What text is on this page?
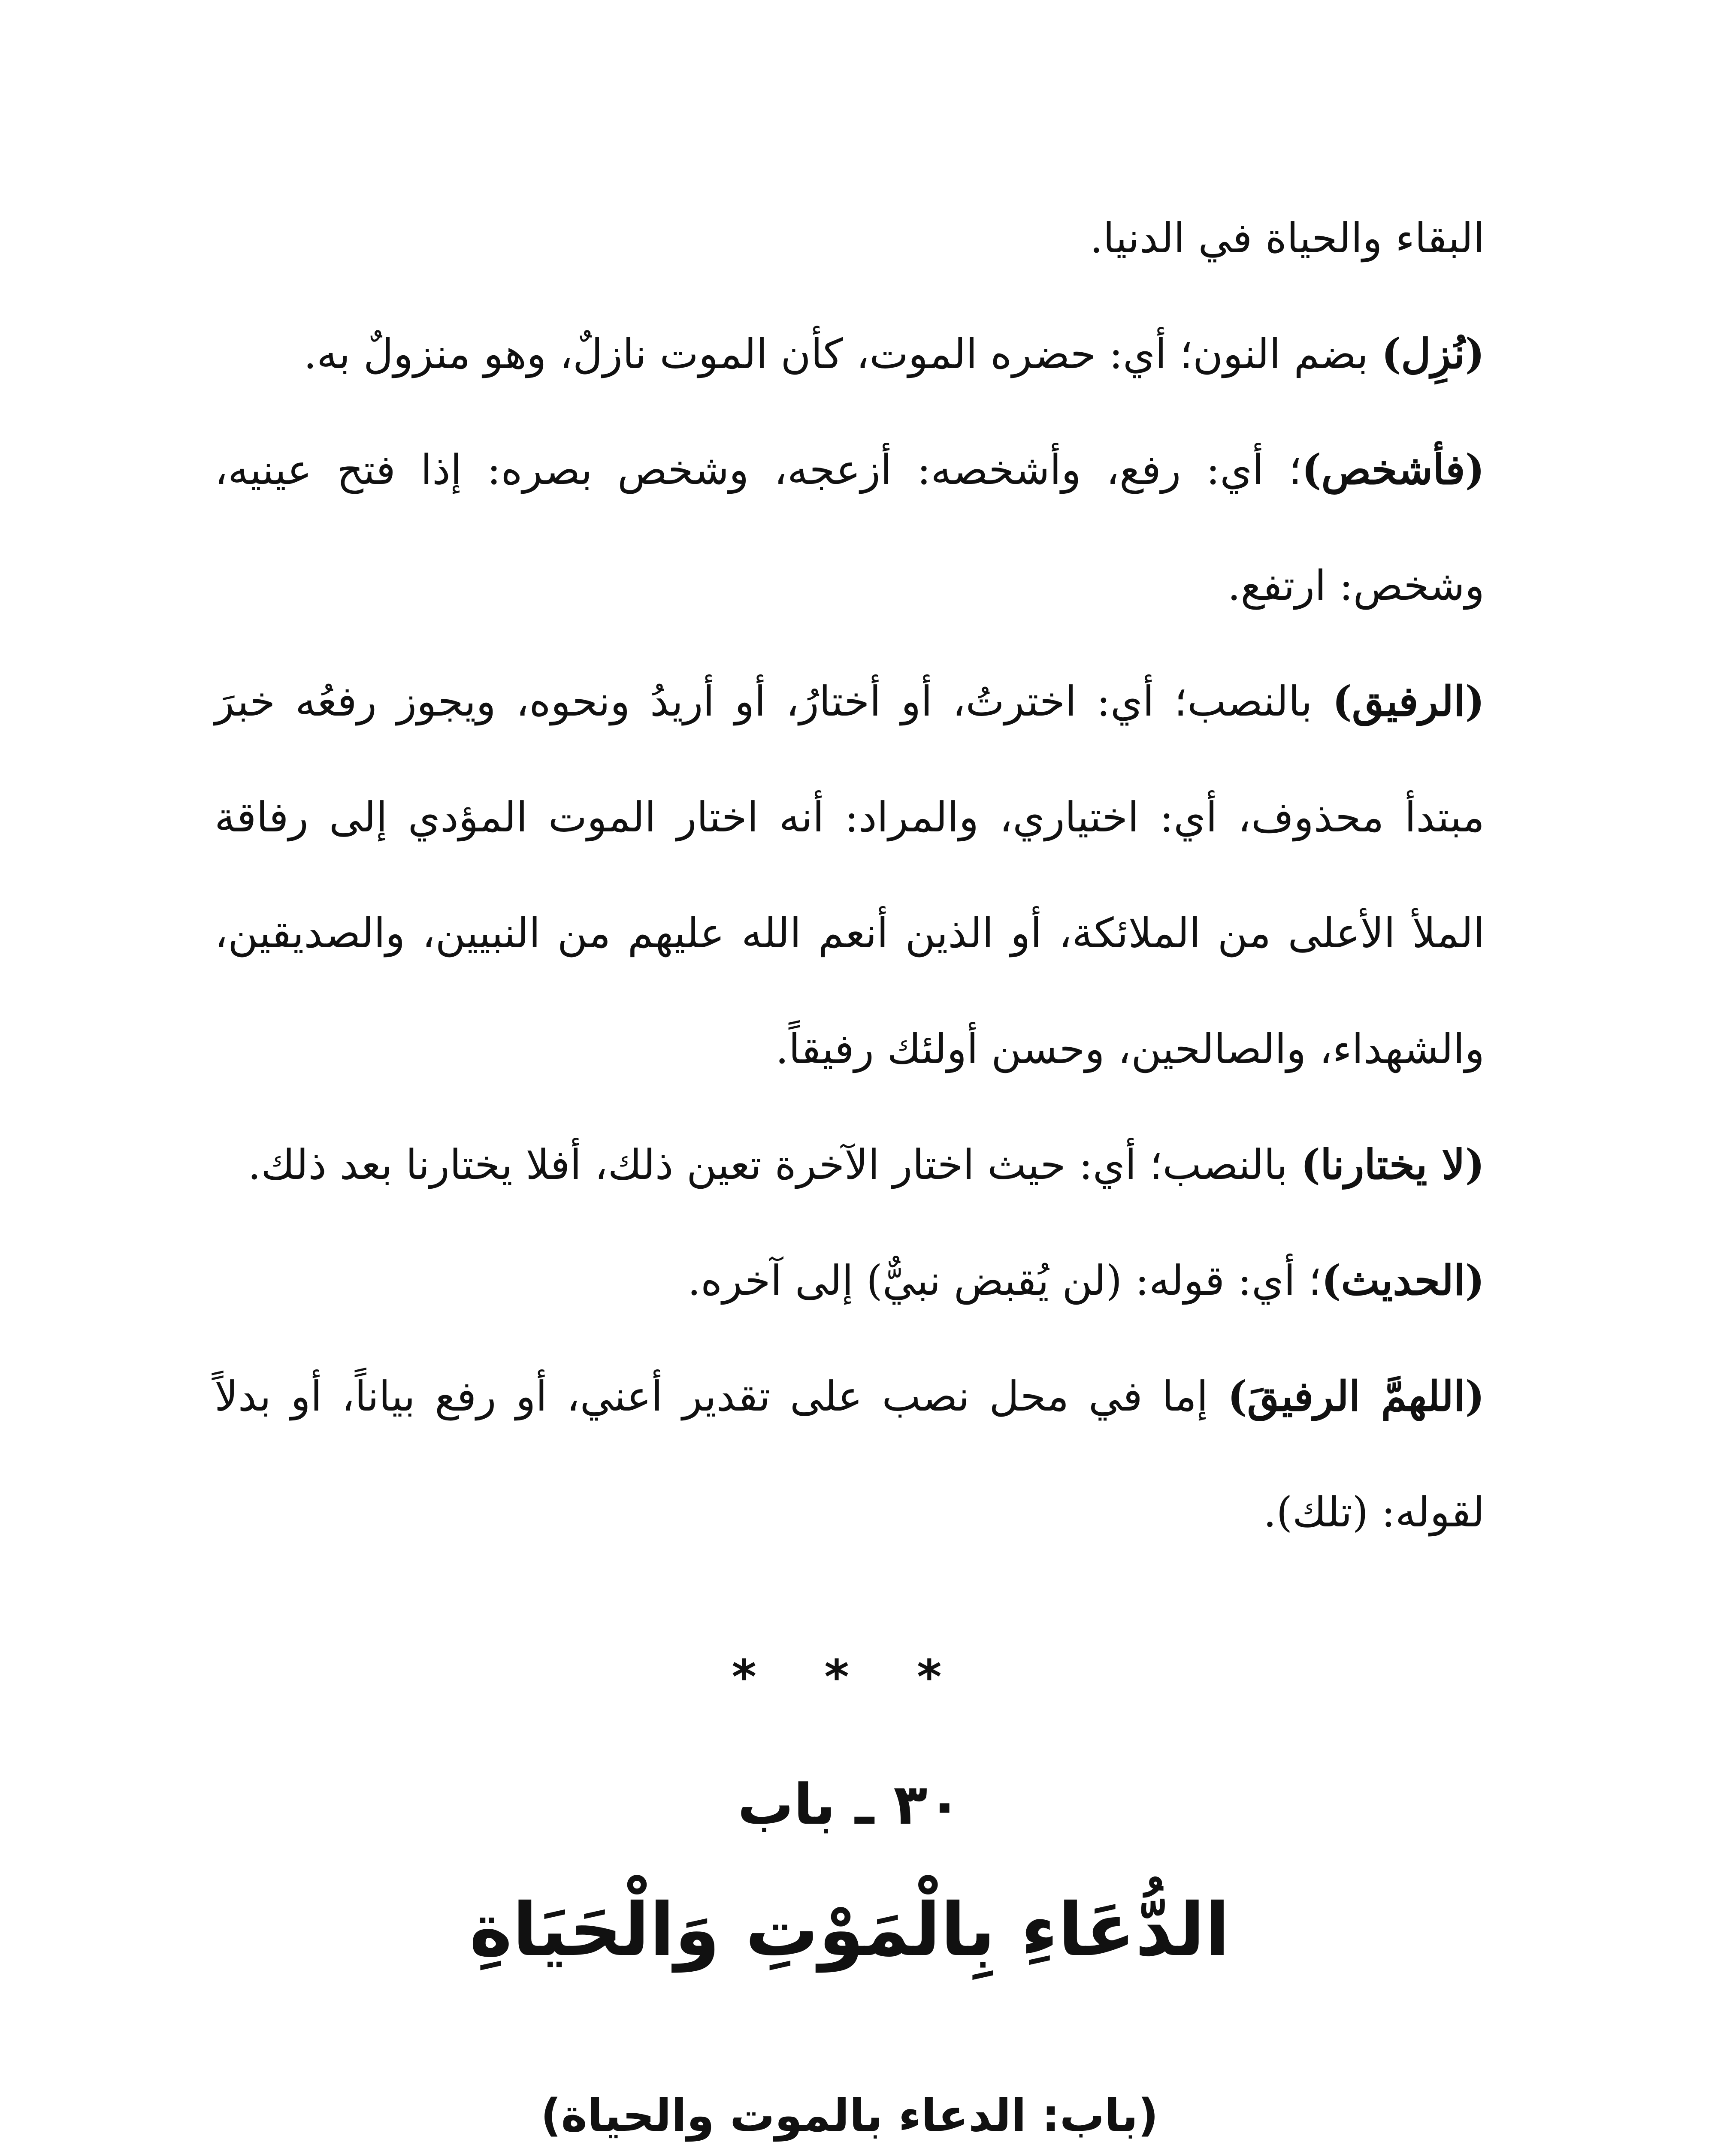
البقاء والحياة في الدنيا.

(نُزِل) بضم النون؛ أي: حضره الموت، كأن الموت نازلٌ، وهو منزولٌ به.

(فأشخص)؛ أي: رفع، وأشخصه: أزعجه، وشخص بصره: إذا فتح عينيه، وشخص: ارتفع.

(الرفيق) بالنصب؛ أي: اخترتُ، أو أختارُ، أو أريدُ ونحوه، ويجوز رفعُه خبرَ مبتدأ محذوف، أي: اختياري، والمراد: أنه اختار الموت المؤدي إلى رفاقة الملأ الأعلى من الملائكة، أو الذين أنعم الله عليهم من النبيين، والصديقين، والشهداء، والصالحين، وحسن أولئك رفيقاً.

(لا يختارنا) بالنصب؛ أي: حيث اختار الآخرة تعين ذلك، أفلا يختارنا بعد ذلك.

(الحديث)؛ أي: قوله: (لن يُقبض نبيٌّ) إلى آخره.

(اللهمَّ الرفيقَ) إما في محل نصب على تقدير أعني، أو رفع بياناً، أو بدلاً لقوله: (تلك).

* * *
٣٠ ـ باب
الدُّعَاءِ بِالْمَوْتِ وَالْحَيَاةِ
(باب: الدعاء بالموت والحياة)
